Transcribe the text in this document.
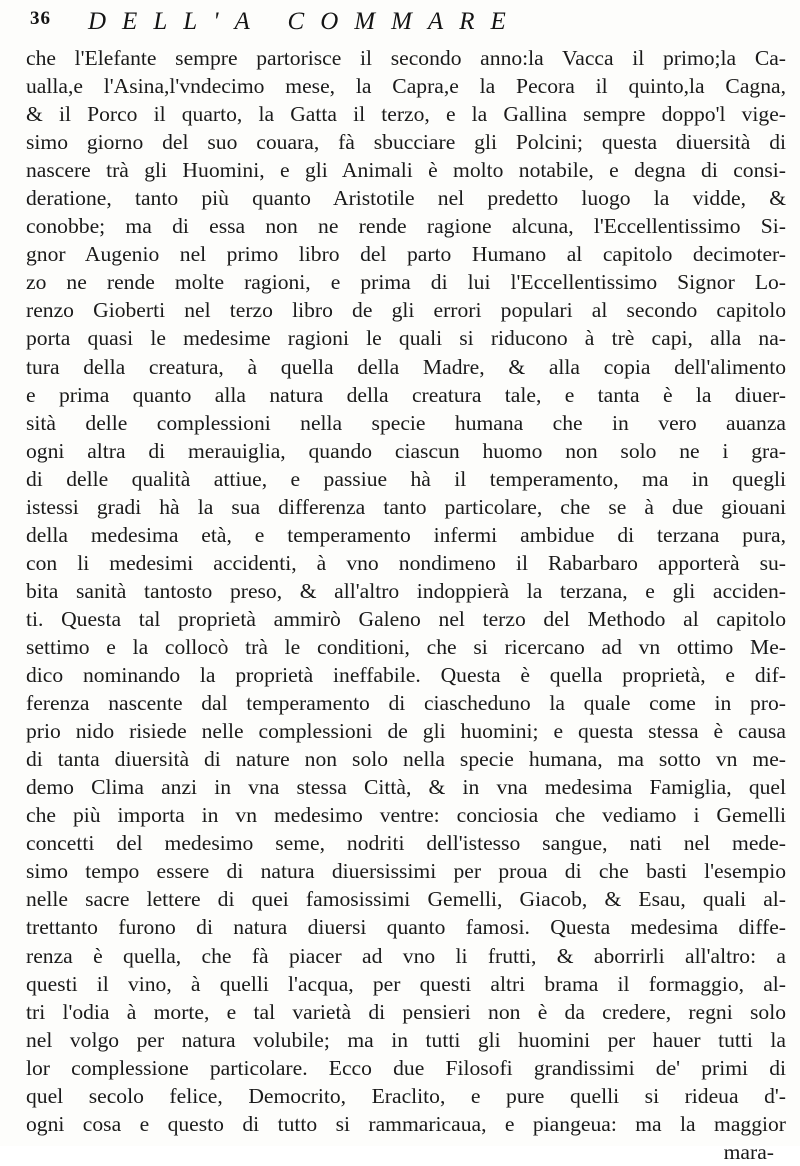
36 DELL'A COMMARE
che l'Elefante sempre partorisce il secondo anno:la Vacca il primo;la Ca-
ualla,e l'Asina,l'vndecimo mese, la Capra,e la Pecora il quinto,la Cagna,
& il Porco il quarto, la Gatta il terzo, e la Gallina sempre doppo'l vige-
simo giorno del suo couara, fà sbucciare gli Polcini; questa diuersità di
nascere trà gli Huomini, e gli Animali è molto notabile, e degna di consi-
deratione, tanto più quanto Aristotile nel predetto luogo la vidde, &
conobbe; ma di essa non ne rende ragione alcuna, l'Eccellentissimo Si-
gnor Augenio nel primo libro del parto Humano al capitolo decimoter-
zo ne rende molte ragioni, e prima di lui l'Eccellentissimo Signor Lo-
renzo Gioberti nel terzo libro de gli errori populari al secondo capitolo
porta quasi le medesime ragioni le quali si riducono à trè capi, alla na-
tura della creatura, à quella della Madre, & alla copia dell'alimento
e prima quanto alla natura della creatura tale, e tanta è la diuer-
sità delle complessioni nella specie humana che in vero auanza
ogni altra di merauiglia, quando ciascun huomo non solo ne i gra-
di delle qualità attiue, e passiue hà il temperamento, ma in quegli
istessi gradi hà la sua differenza tanto particolare, che se à due giouani
della medesima età, e temperamento infermi ambidue di terzana pura,
con li medesimi accidenti, à vno nondimeno il Rabarbaro apporterà su-
bita sanità tantosto preso, & all'altro indoppierà la terzana, e gli acciden-
ti. Questa tal proprietà ammirò Galeno nel terzo del Methodo al capitolo
settimo e la collocò trà le conditioni, che si ricercano ad vn ottimo Me-
dico nominando la proprietà ineffabile. Questa è quella proprietà, e dif-
ferenza nascente dal temperamento di ciascheduno la quale come in pro-
prio nido risiede nelle complessioni de gli huomini; e questa stessa è causa
di tanta diuersità di nature non solo nella specie humana, ma sotto vn me-
demo Clima anzi in vna stessa Città, & in vna medesima Famiglia, quel
che più importa in vn medesimo ventre: conciosia che vediamo i Gemelli
concetti del medesimo seme, nodriti dell'istesso sangue, nati nel mede-
simo tempo essere di natura diuersissimi per proua di che basti l'esempio
nelle sacre lettere di quei famosissimi Gemelli, Giacob, & Esau, quali al-
trettanto furono di natura diuersi quanto famosi. Questa medesima diffe-
renza è quella, che fà piacer ad vno li frutti, & aborrirli all'altro: a
questi il vino, à quelli l'acqua, per questi altri brama il formaggio, al-
tri l'odia à morte, e tal varietà di pensieri non è da credere, regni solo
nel volgo per natura volubile; ma in tutti gli huomini per hauer tutti la
lor complessione particolare. Ecco due Filosofi grandissimi de' primi di
quel secolo felice, Democrito, Eraclito, e pure quelli si rideua d'-
ogni cosa e questo di tutto si rammaricaua, e piangeua: ma la maggior
mara-
